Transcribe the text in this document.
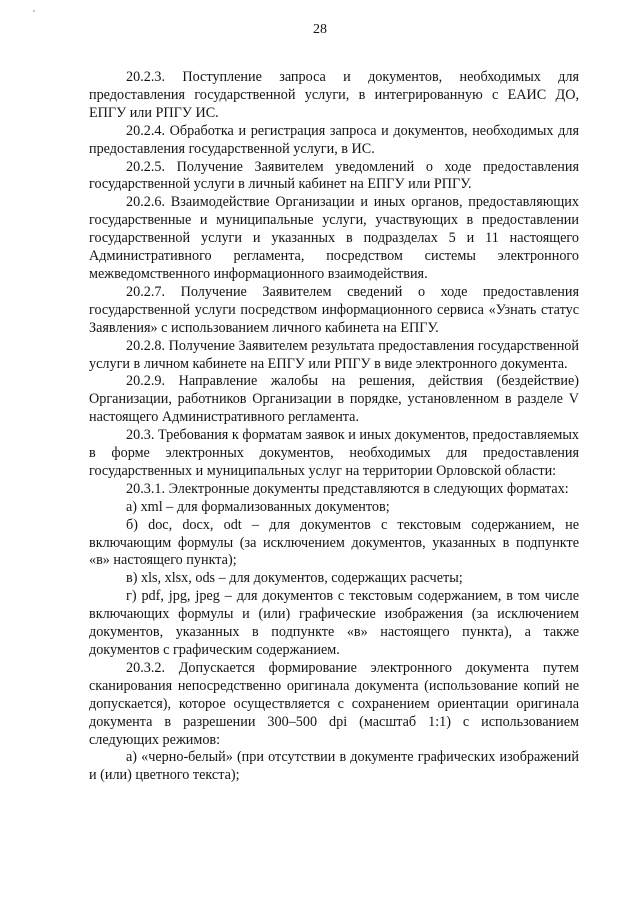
28

20.2.3. Поступление запроса и документов, необходимых для предоставления государственной услуги, в интегрированную с ЕАИС ДО, ЕПГУ или РПГУ ИС.

20.2.4. Обработка и регистрация запроса и документов, необходимых для предоставления государственной услуги, в ИС.

20.2.5. Получение Заявителем уведомлений о ходе предоставления государственной услуги в личный кабинет на ЕПГУ или РПГУ.

20.2.6. Взаимодействие Организации и иных органов, предоставляющих государственные и муниципальные услуги, участвующих в предоставлении государственной услуги и указанных в подразделах 5 и 11 настоящего Административного регламента, посредством системы электронного межведомственного информационного взаимодействия.

20.2.7. Получение Заявителем сведений о ходе предоставления государственной услуги посредством информационного сервиса «Узнать статус Заявления» с использованием личного кабинета на ЕПГУ.

20.2.8. Получение Заявителем результата предоставления государственной услуги в личном кабинете на ЕПГУ или РПГУ в виде электронного документа.

20.2.9. Направление жалобы на решения, действия (бездействие) Организации, работников Организации в порядке, установленном в разделе V настоящего Административного регламента.

20.3. Требования к форматам заявок и иных документов, предоставляемых в форме электронных документов, необходимых для предоставления государственных и муниципальных услуг на территории Орловской области:

20.3.1. Электронные документы представляются в следующих форматах:

а) xml – для формализованных документов;

б) doc, docx, odt – для документов с текстовым содержанием, не включающим формулы (за исключением документов, указанных в подпункте «в» настоящего пункта);

в) xls, xlsx, ods – для документов, содержащих расчеты;

г) pdf, jpg, jpeg – для документов с текстовым содержанием, в том числе включающих формулы и (или) графические изображения (за исключением документов, указанных в подпункте «в» настоящего пункта), а также документов с графическим содержанием.

20.3.2. Допускается формирование электронного документа путем сканирования непосредственно оригинала документа (использование копий не допускается), которое осуществляется с сохранением ориентации оригинала документа в разрешении 300–500 dpi (масштаб 1:1) с использованием следующих режимов:

а) «черно-белый» (при отсутствии в документе графических изображений и (или) цветного текста);
